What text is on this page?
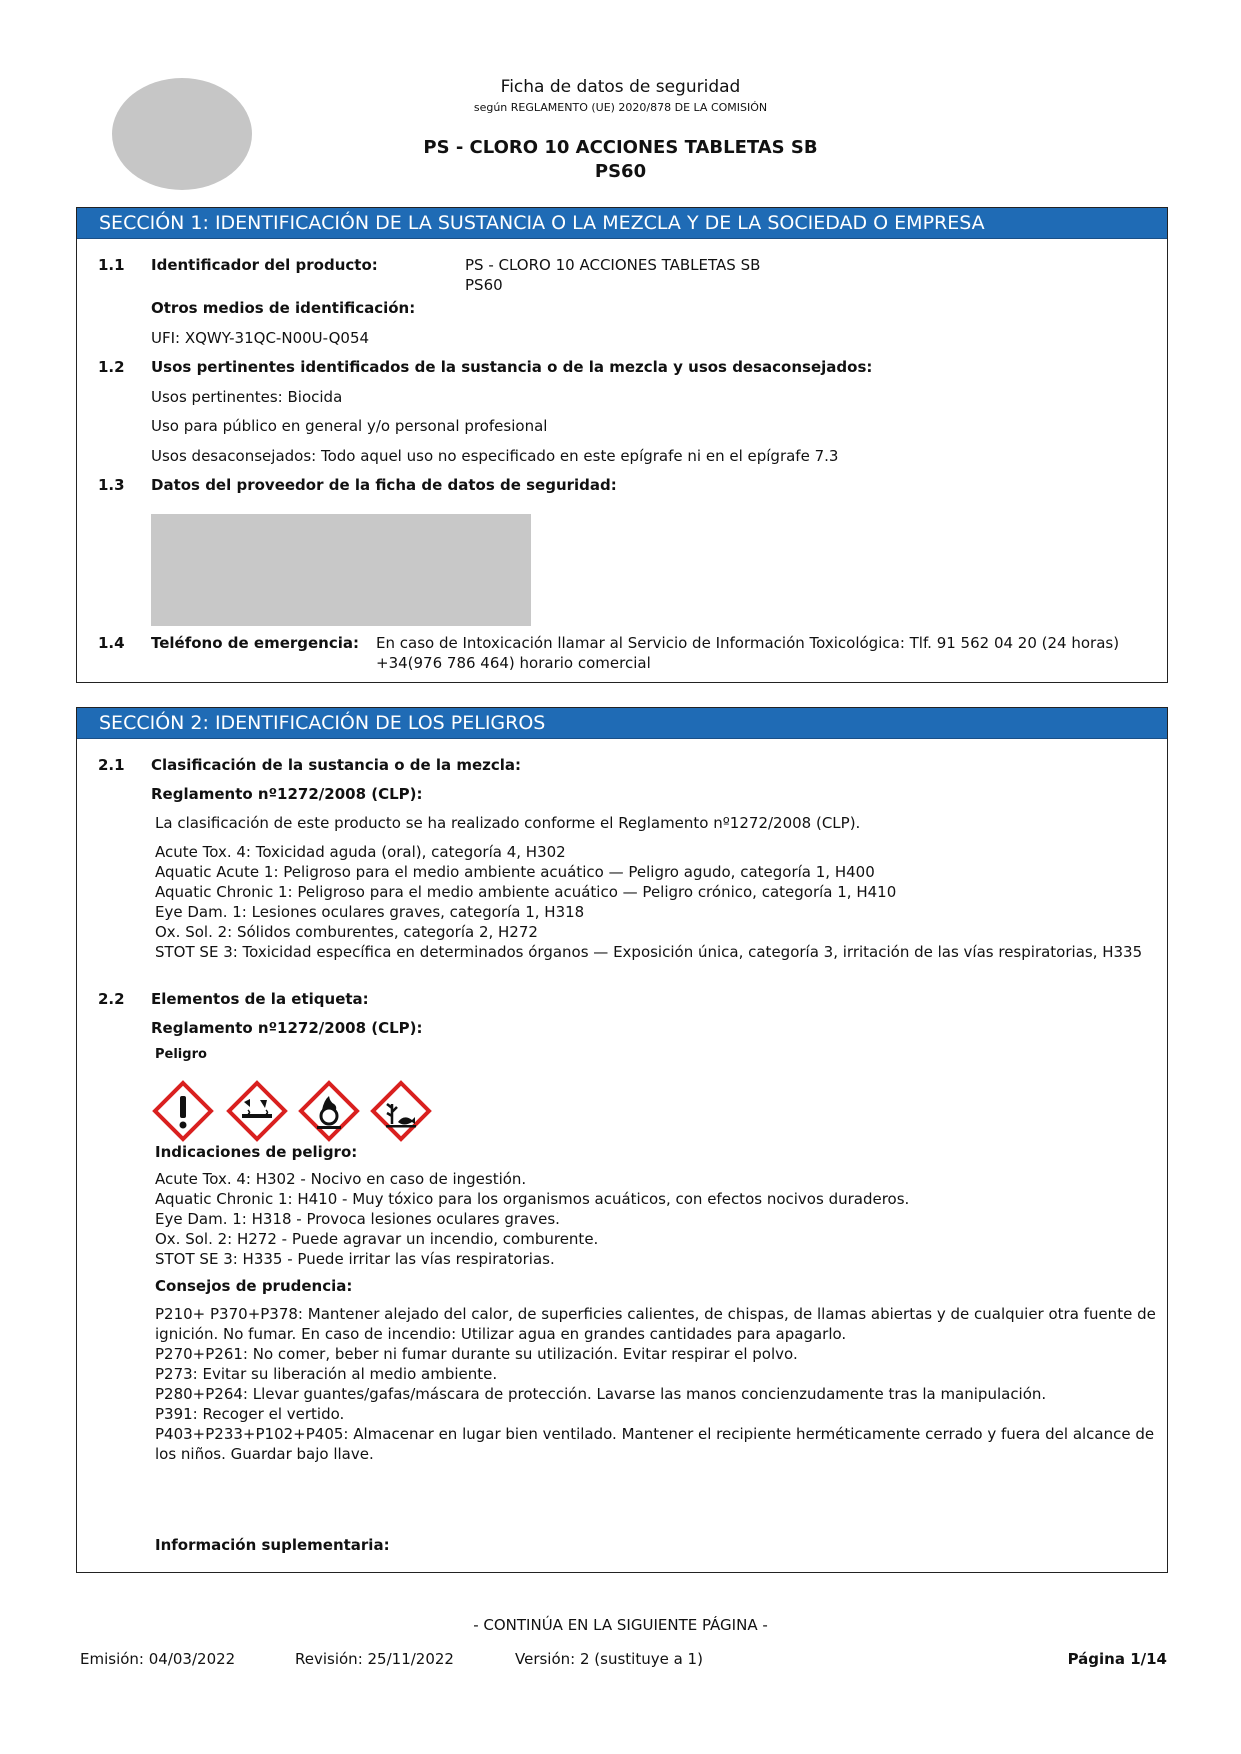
Ficha de datos de seguridad
según REGLAMENTO (UE) 2020/878 DE LA COMISIÓN
PS - CLORO 10 ACCIONES TABLETAS SB
PS60
SECCIÓN 1: IDENTIFICACIÓN DE LA SUSTANCIA O LA MEZCLA Y DE LA SOCIEDAD O EMPRESA
1.1 Identificador del producto:	PS - CLORO 10 ACCIONES TABLETAS SB
PS60
Otros medios de identificación:
UFI: XQWY-31QC-N00U-Q054
1.2 Usos pertinentes identificados de la sustancia o de la mezcla y usos desaconsejados:
Usos pertinentes: Biocida
Uso para público en general y/o personal profesional
Usos desaconsejados: Todo aquel uso no especificado en este epígrafe ni en el epígrafe 7.3
1.3 Datos del proveedor de la ficha de datos de seguridad:
1.4 Teléfono de emergencia: En caso de Intoxicación llamar al Servicio de Información Toxicológica: Tlf. 91 562 04 20 (24 horas)
+34(976 786 464) horario comercial
SECCIÓN 2: IDENTIFICACIÓN DE LOS PELIGROS
2.1 Clasificación de la sustancia o de la mezcla:
Reglamento nº1272/2008 (CLP):
La clasificación de este producto se ha realizado conforme el Reglamento nº1272/2008 (CLP).
Acute Tox. 4: Toxicidad aguda (oral), categoría 4, H302
Aquatic Acute 1: Peligroso para el medio ambiente acuático — Peligro agudo, categoría 1, H400
Aquatic Chronic 1: Peligroso para el medio ambiente acuático — Peligro crónico, categoría 1, H410
Eye Dam. 1: Lesiones oculares graves, categoría 1, H318
Ox. Sol. 2: Sólidos comburentes, categoría 2, H272
STOT SE 3: Toxicidad específica en determinados órganos — Exposición única, categoría 3, irritación de las vías respiratorias, H335
2.2 Elementos de la etiqueta:
Reglamento nº1272/2008 (CLP):
Peligro
Indicaciones de peligro:
Acute Tox. 4: H302 - Nocivo en caso de ingestión.
Aquatic Chronic 1: H410 - Muy tóxico para los organismos acuáticos, con efectos nocivos duraderos.
Eye Dam. 1: H318 - Provoca lesiones oculares graves.
Ox. Sol. 2: H272 - Puede agravar un incendio, comburente.
STOT SE 3: H335 - Puede irritar las vías respiratorias.
Consejos de prudencia:
P210+ P370+P378: Mantener alejado del calor, de superficies calientes, de chispas, de llamas abiertas y de cualquier otra fuente de
ignición. No fumar. En caso de incendio: Utilizar agua en grandes cantidades para apagarlo.
P270+P261: No comer, beber ni fumar durante su utilización. Evitar respirar el polvo.
P273: Evitar su liberación al medio ambiente.
P280+P264: Llevar guantes/gafas/máscara de protección. Lavarse las manos concienzudamente tras la manipulación.
P391: Recoger el vertido.
P403+P233+P102+P405: Almacenar en lugar bien ventilado. Mantener el recipiente herméticamente cerrado y fuera del alcance de
los niños. Guardar bajo llave.
Información suplementaria:
- CONTINÚA EN LA SIGUIENTE PÁGINA -
Emisión: 04/03/2022	Revisión: 25/11/2022	Versión: 2 (sustituye a 1)	Página 1/14
